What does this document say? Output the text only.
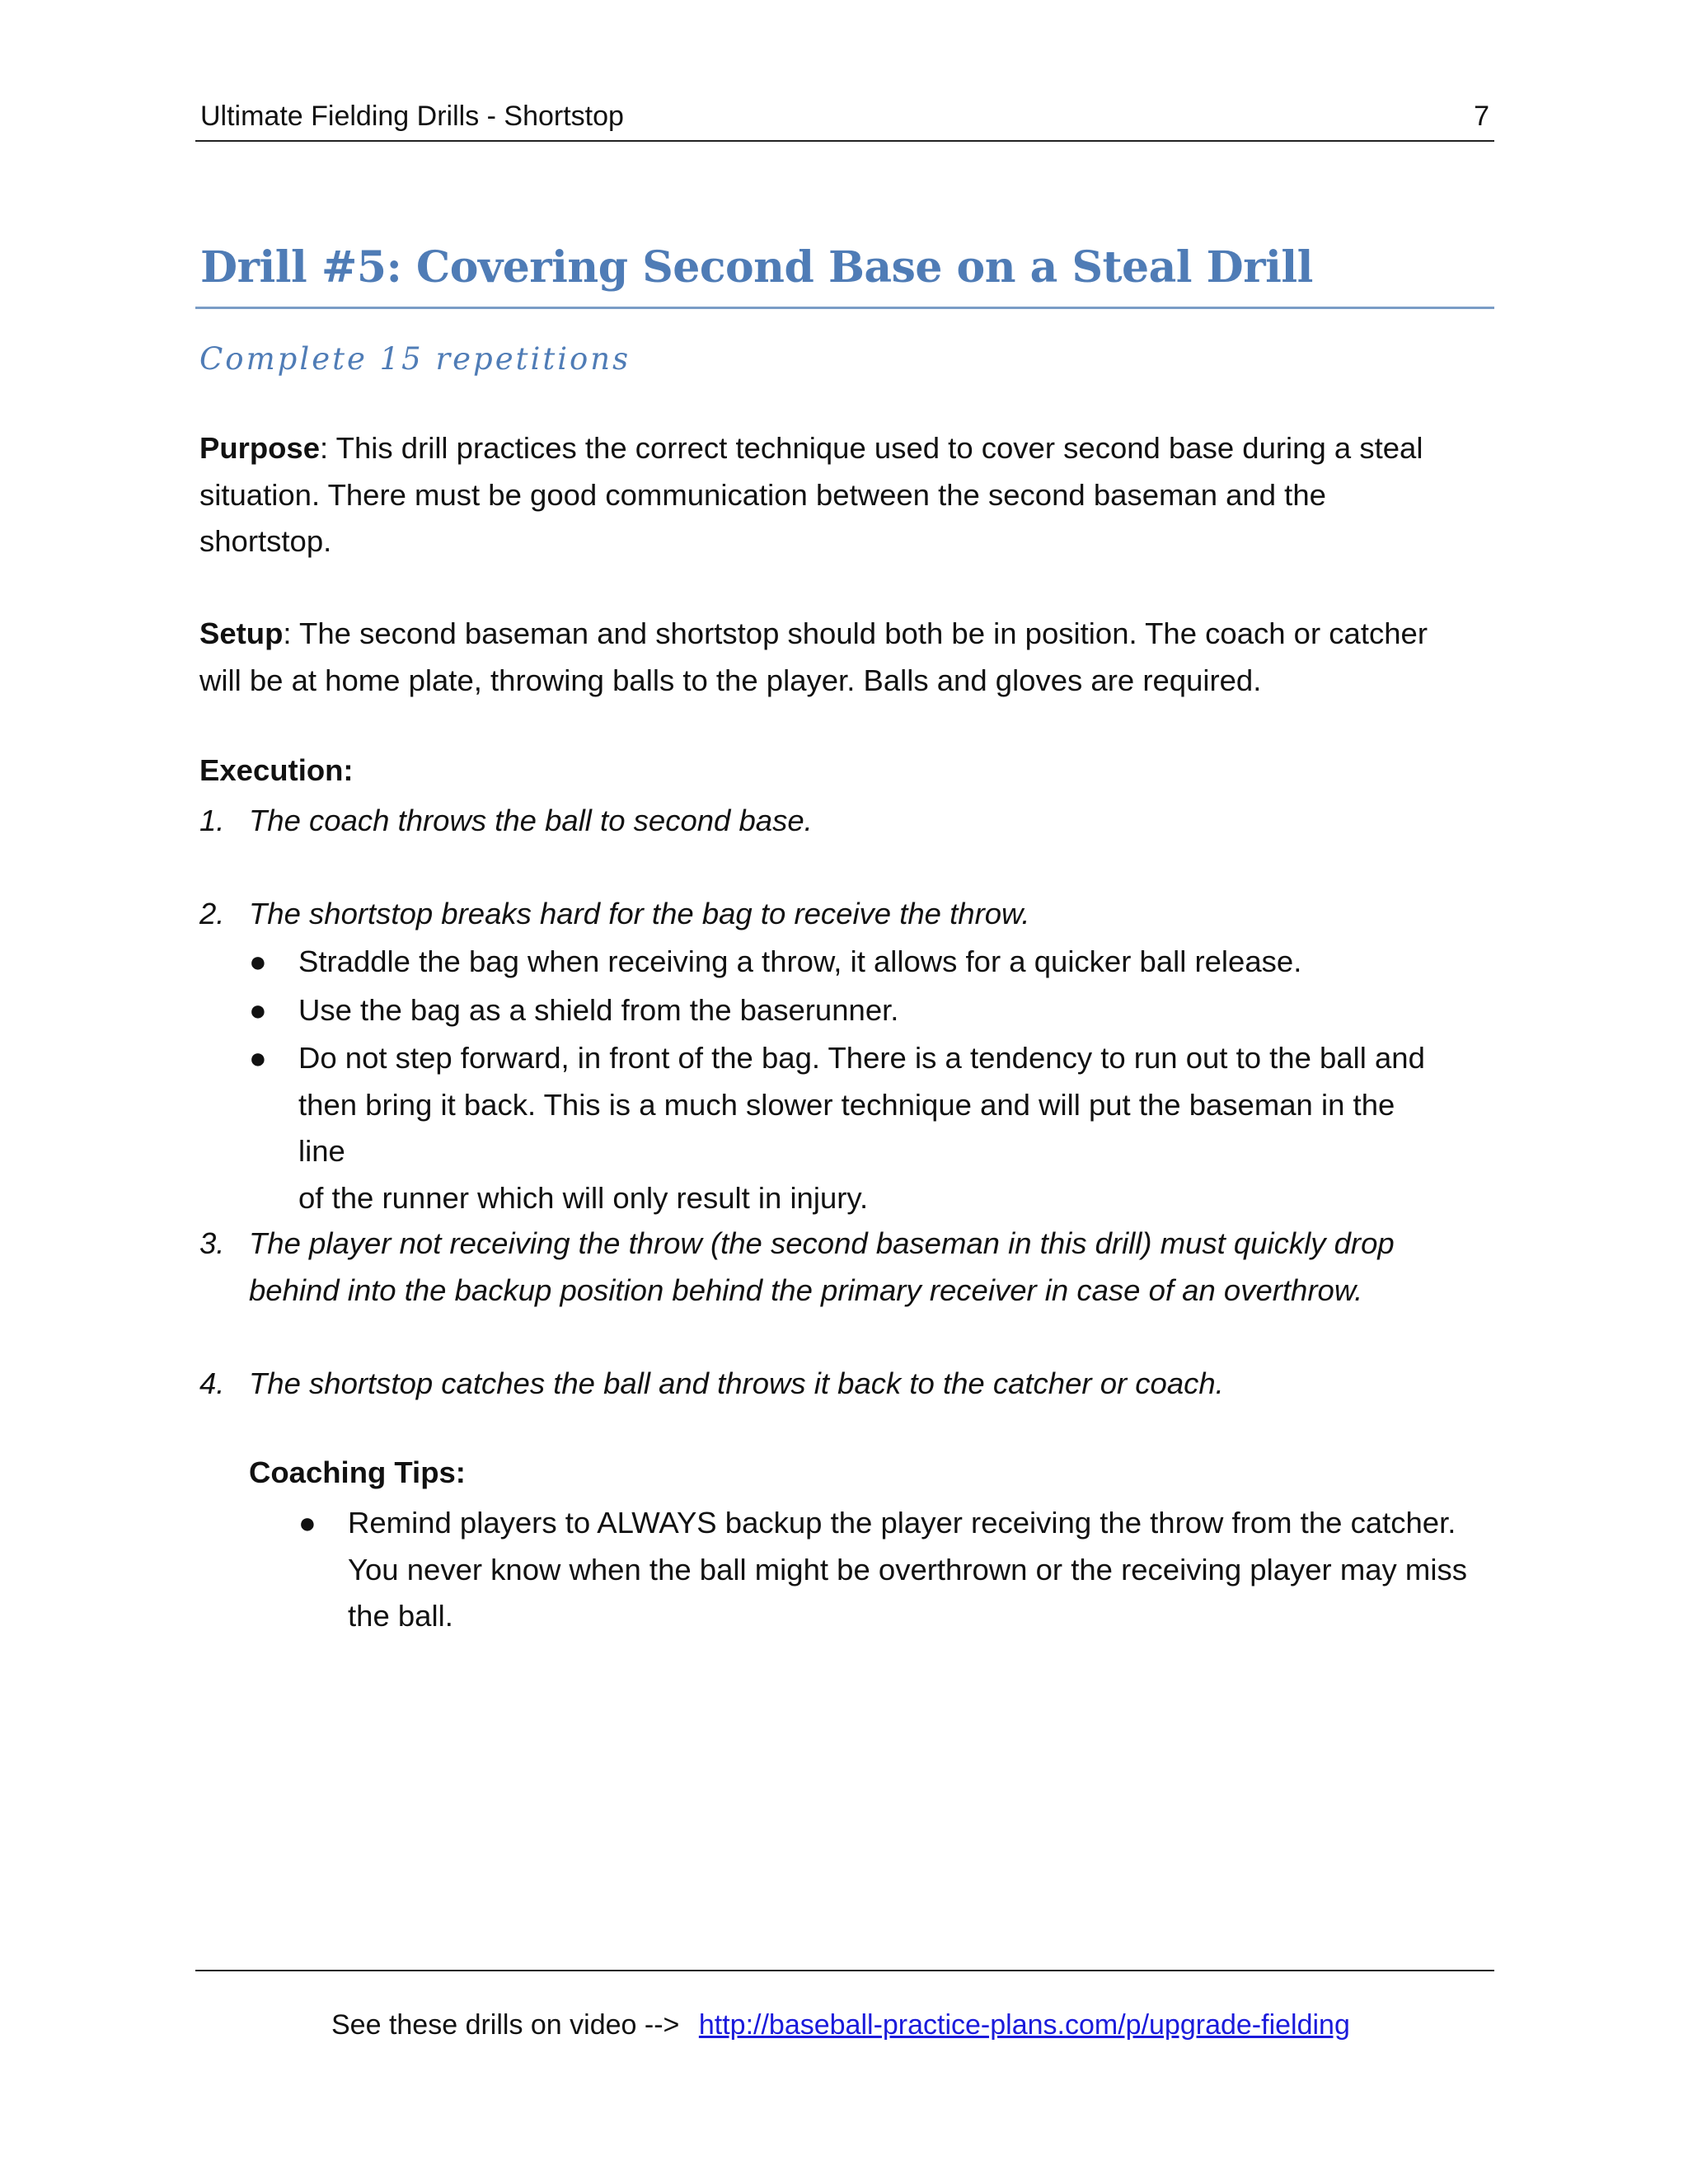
Ultimate Fielding Drills - Shortstop	7
Drill #5: Covering Second Base on a Steal Drill
Complete 15 repetitions
Purpose: This drill practices the correct technique used to cover second base during a steal
situation. There must be good communication between the second baseman and the
shortstop.
Setup: The second baseman and shortstop should both be in position. The coach or catcher
will be at home plate, throwing balls to the player. Balls and gloves are required.
Execution:
1. The coach throws the ball to second base.
2. The shortstop breaks hard for the bag to receive the throw.
● Straddle the bag when receiving a throw, it allows for a quicker ball release.
● Use the bag as a shield from the baserunner.
● Do not step forward, in front of the bag. There is a tendency to run out to the ball and
then bring it back. This is a much slower technique and will put the baseman in the line
of the runner which will only result in injury.
3. The player not receiving the throw (the second baseman in this drill) must quickly drop
behind into the backup position behind the primary receiver in case of an overthrow.
4. The shortstop catches the ball and throws it back to the catcher or coach.
Coaching Tips:
● Remind players to ALWAYS backup the player receiving the throw from the catcher.
You never know when the ball might be overthrown or the receiving player may miss
the ball.
See these drills on video --> http://baseball-practice-plans.com/p/upgrade-fielding
